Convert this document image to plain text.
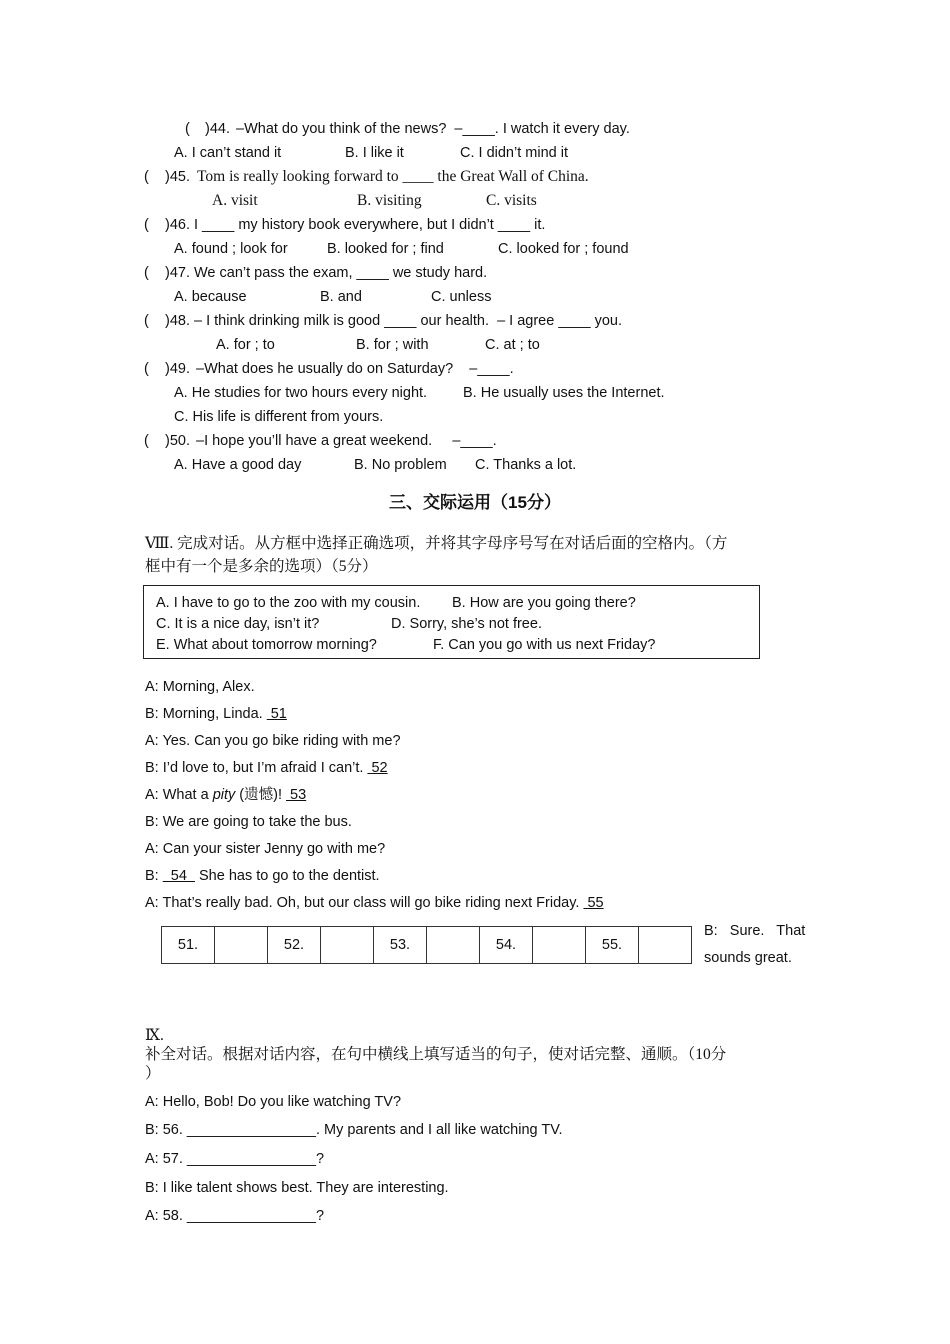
( )44. –What do you think of the news?  –____. I watch it every day.
A. I can’t stand it	B. I like it	C. I didn’t mind it
( )45. Tom is really looking forward to ____ the Great Wall of China.
A. visit	B. visiting	C. visits
( )46. I ____ my history book everywhere, but I didn’t ____ it.
A. found ; look for	B. looked for ; find	C. looked for ; found
( )47. We can’t pass the exam, ____ we study hard.
A. because	B. and	C. unless
( )48. – I think drinking milk is good ____ our health.  – I agree ____ you.
A. for ; to	B. for ; with	C. at ; to
( )49. –What does he usually do on Saturday?    –____.
A. He studies for two hours every night. B. He usually uses the Internet.
C. His life is different from yours.
( )50. –I hope you’ll have a great weekend.     –____.
A. Have a good day	B. No problem C. Thanks a lot.
三、交际运用（15分）
Ⅷ. 完成对话。从方框中选择正确选项，并将其字母序号写在对话后面的空格内。（方
框中有一个是多余的选项）（5分）
A. I have to go to the zoo with my cousin. B. How are you going there?
C. It is a nice day, isn’t it?	D. Sorry, she’s not free.
E. What about tomorrow morning?	F. Can you go with us next Friday?
A: Morning, Alex.
B: Morning, Linda.  51
A: Yes. Can you go bike riding with me?
B: I’d love to, but I’m afraid I can’t.  52
A: What a pity (遗憾)!  53
B: We are going to take the bus.
A: Can your sister Jenny go with me?
B:   54   She has to go to the dentist.
A: That’s really bad. Oh, but our class will go bike riding next Friday.  55
51.		52.		53.		54.		55.	
B:   Sure.   That
sounds great.
Ⅸ.
补全对话。根据对话内容，在句中横线上填写适当的句子，使对话完整、通顺。（10分
）
A: Hello, Bob! Do you like watching TV?
B: 56. ________________. My parents and I all like watching TV.
A: 57. ________________?
B: I like talent shows best. They are interesting.
A: 58. ________________?
